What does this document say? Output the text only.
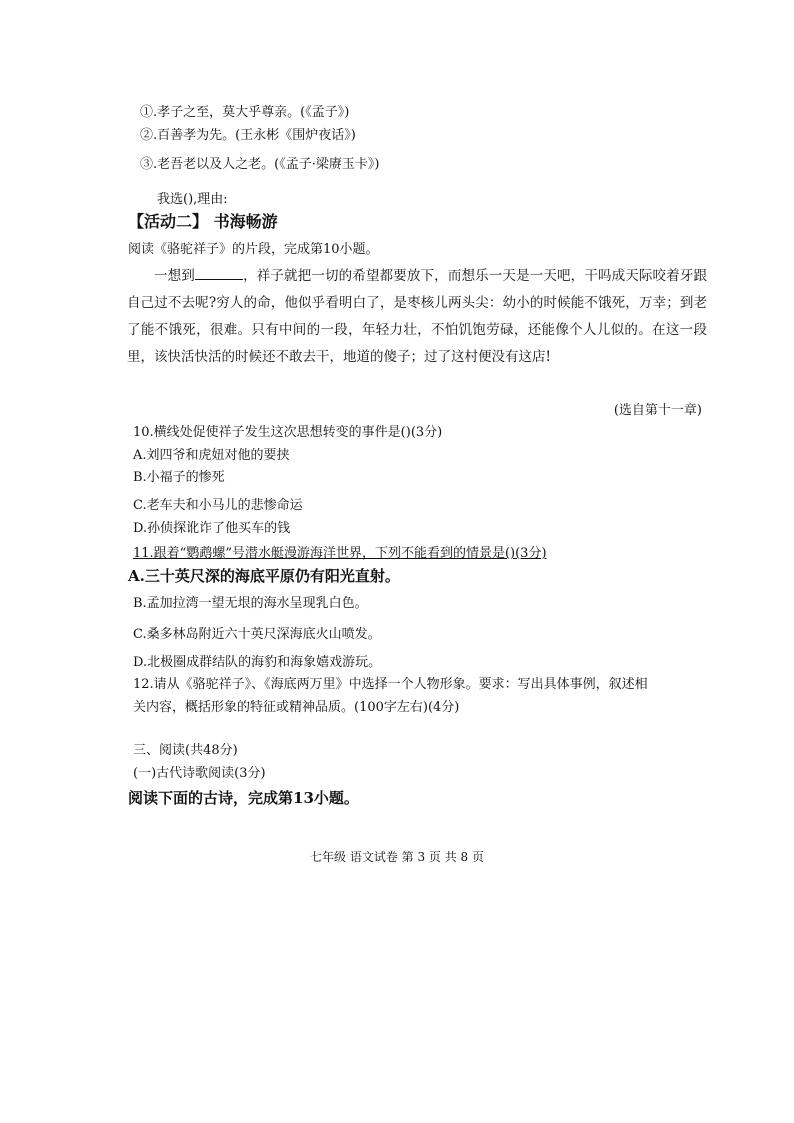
①.孝子之至，莫大乎尊亲。(《孟子》)
②.百善孝为先。(王永彬《围炉夜话》)
③.老吾老以及人之老。(《孟子·梁赓玉卡》)
我选(),理由:
【活动二】 书海畅游
阅读《骆驼祥子》的片段，完成第10小题。
一想到	，祥子就把一切的希望都要放下，而想乐一天是一天吧，干吗成天际咬着牙跟自己过不去呢?穷人的命，他似乎看明白了，是枣核儿两头尖：幼小的时候能不饿死，万幸；到老了能不饿死，很难。只有中间的一段，年轻力壮，不怕饥饱劳碌，还能像个人儿似的。在这一段里，该快活快活的时候还不敢去干，地道的傻子；过了这村便没有这店!
(选自第十一章)
10.横线处促使祥子发生这次思想转变的事件是()(3分)
A.刘四爷和虎妞对他的要挟
B.小福子的惨死
C.老车夫和小马儿的悲惨命运
D.孙侦探讹诈了他买车的钱
11.跟着“鹦鹉螺”号潜水艇漫游海洋世界，下列不能看到的情景是()(3分)
A.三十英尺深的海底平原仍有阳光直射。
B.孟加拉湾一望无垠的海水呈现乳白色。
C.桑多林岛附近六十英尺深海底火山喷发。
D.北极圈成群结队的海豹和海象嬉戏游玩。
12.请从《骆驼祥子》、《海底两万里》中选择一个人物形象。要求：写出具体事例，叙述相
关内容，概括形象的特征或精神品质。(100字左右)(4分)
三、阅读(共48分)
(一)古代诗歌阅读(3分)
阅读下面的古诗，完成第13小题。
七年级 语文试卷 第 3 页 共 8 页
